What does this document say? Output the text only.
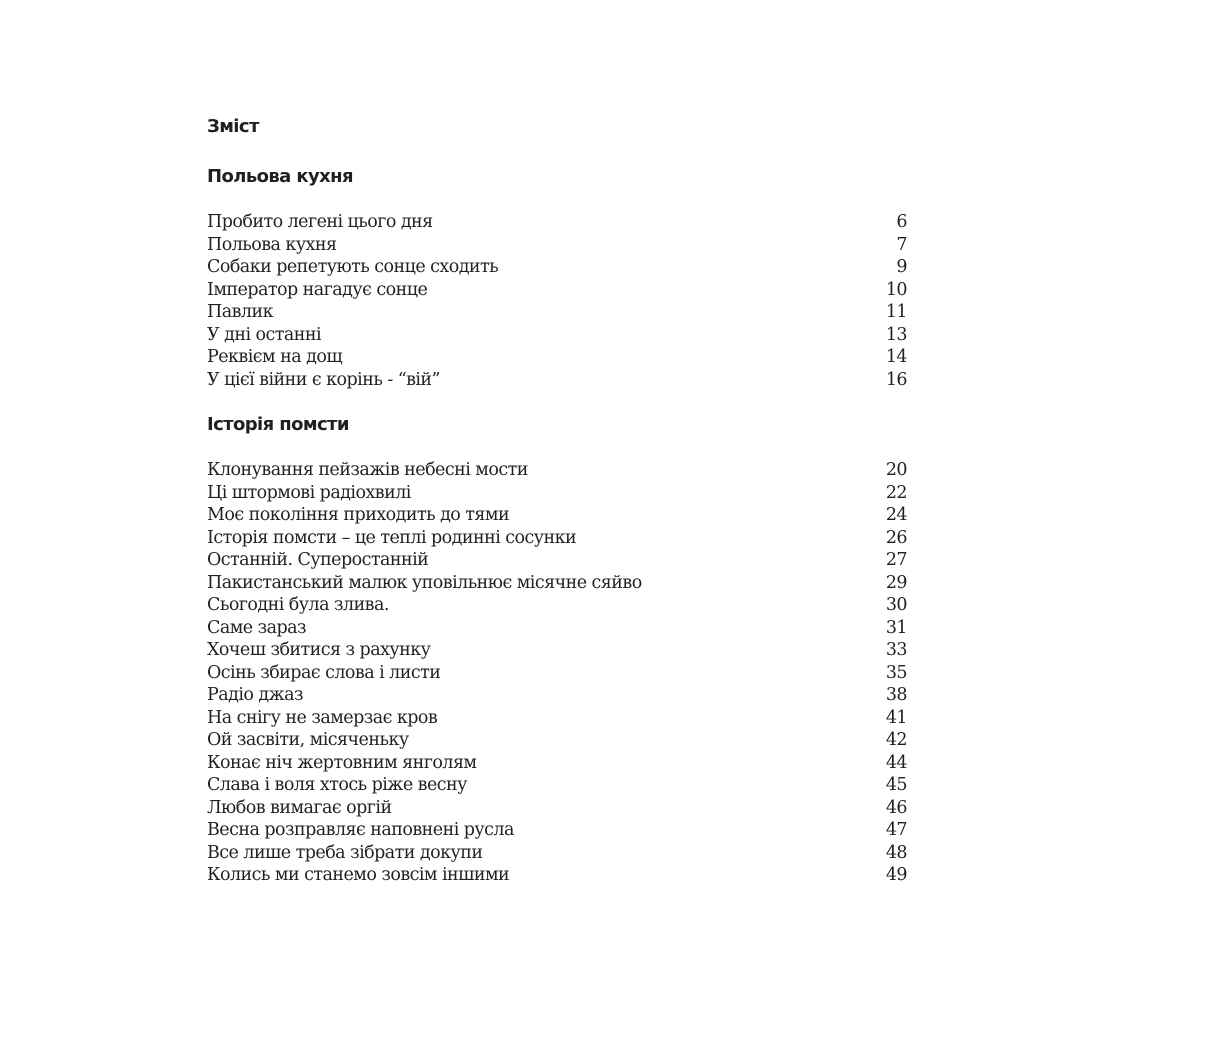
Зміст
Польова кухня
Пробито легені цього дня	6
Польова кухня	7
Собаки репетують сонце сходить	9
Імператор нагадує сонце	10
Павлик	11
У дні останні	13
Реквієм на дощ	14
У цієї війни є корінь - “вій”	16
Історія помсти
Клонування пейзажів небесні мости	20
Ці штормові радіохвилі	22
Моє покоління приходить до тями	24
Історія помсти – це теплі родинні сосунки	26
Останній. Суперостанній	27
Пакистанський малюк уповільнює місячне сяйво	29
Сьогодні була злива.	30
Саме зараз	31
Хочеш збитися з рахунку	33
Осінь збирає слова і листи	35
Радіо джаз	38
На снігу не замерзає кров	41
Ой засвіти, місяченьку	42
Конає ніч жертовним янголям	44
Слава і воля хтось ріже весну	45
Любов вимагає оргій	46
Весна розправляє наповнені русла	47
Все лише треба зібрати докупи	48
Колись ми станемо зовсім іншими	49
